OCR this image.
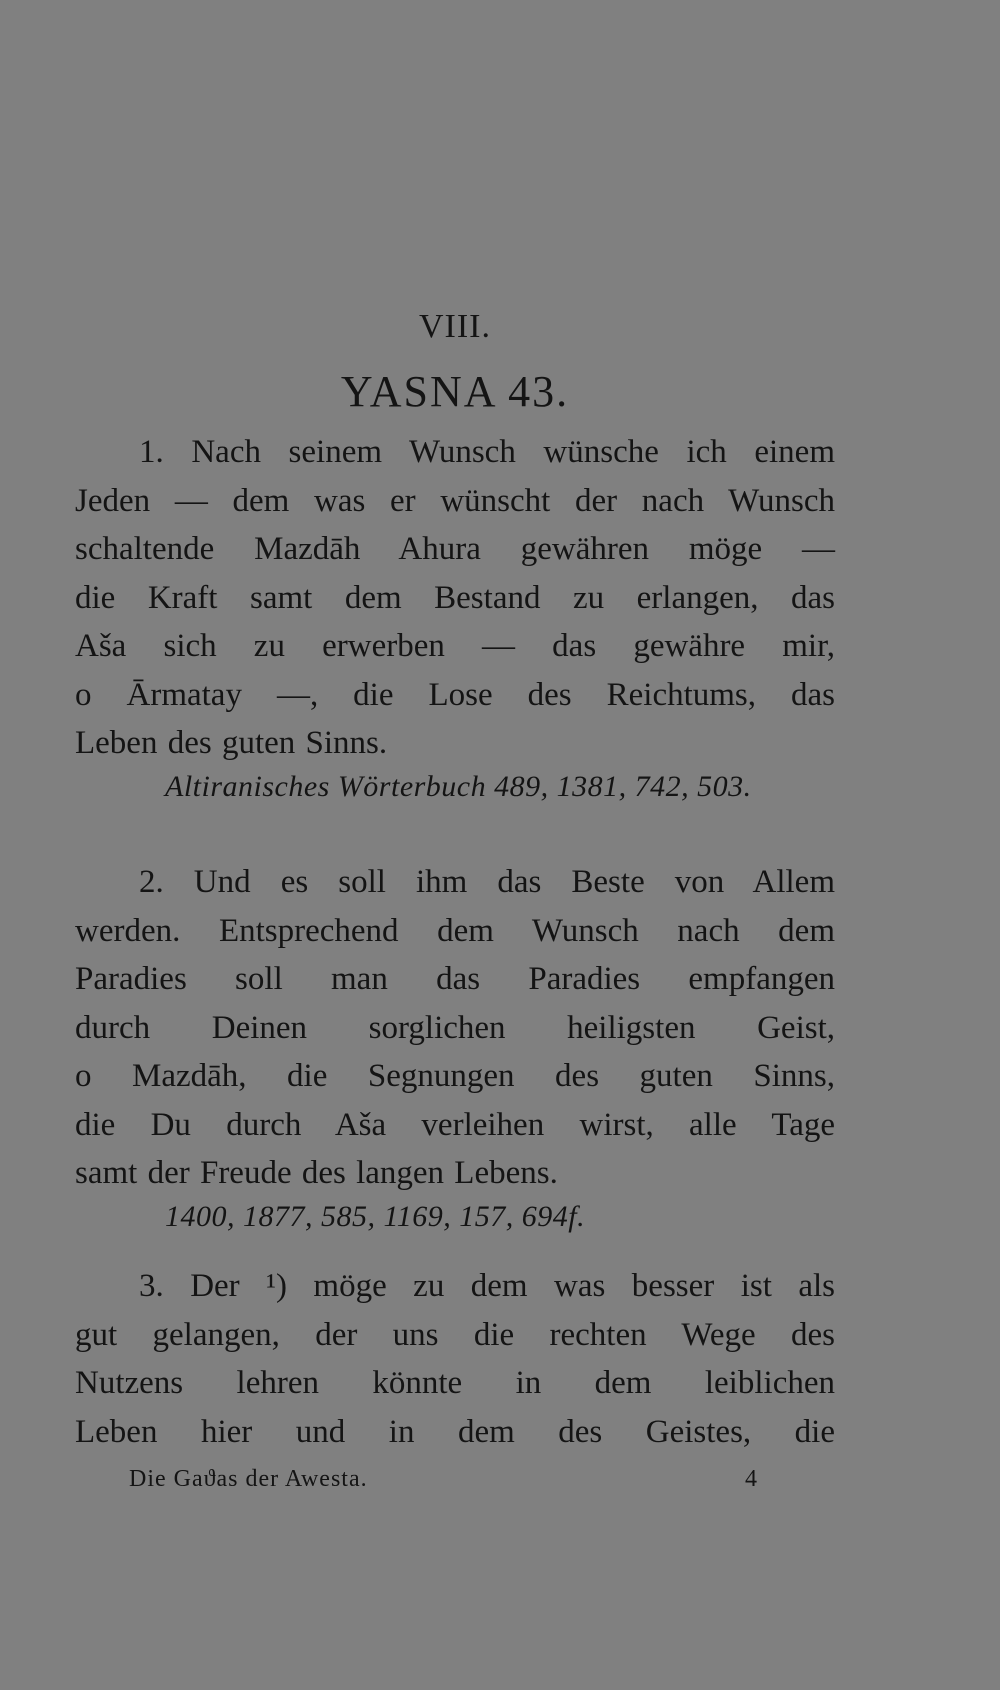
VIII.
YASNA 43.
1. Nach seinem Wunsch wünsche ich einem
Jeden — dem was er wünscht der nach Wunsch
schaltende Mazdāh Ahura gewähren möge —
die Kraft samt dem Bestand zu erlangen, das
Aša sich zu erwerben — das gewähre mir,
o Ārmatay —, die Lose des Reichtums, das
Leben des guten Sinns.
Altiranisches Wörterbuch 489, 1381, 742, 503.
2. Und es soll ihm das Beste von Allem
werden. Entsprechend dem Wunsch nach dem
Paradies soll man das Paradies empfangen
durch Deinen sorglichen heiligsten Geist,
o Mazdāh, die Segnungen des guten Sinns,
die Du durch Aša verleihen wirst, alle Tage
samt der Freude des langen Lebens.
1400, 1877, 585, 1169, 157, 694f.
3. Der ¹) möge zu dem was besser ist als
gut gelangen, der uns die rechten Wege des
Nutzens lehren könnte in dem leiblichen
Leben hier und in dem des Geistes, die
Die Gaϑas der Awesta.	4
